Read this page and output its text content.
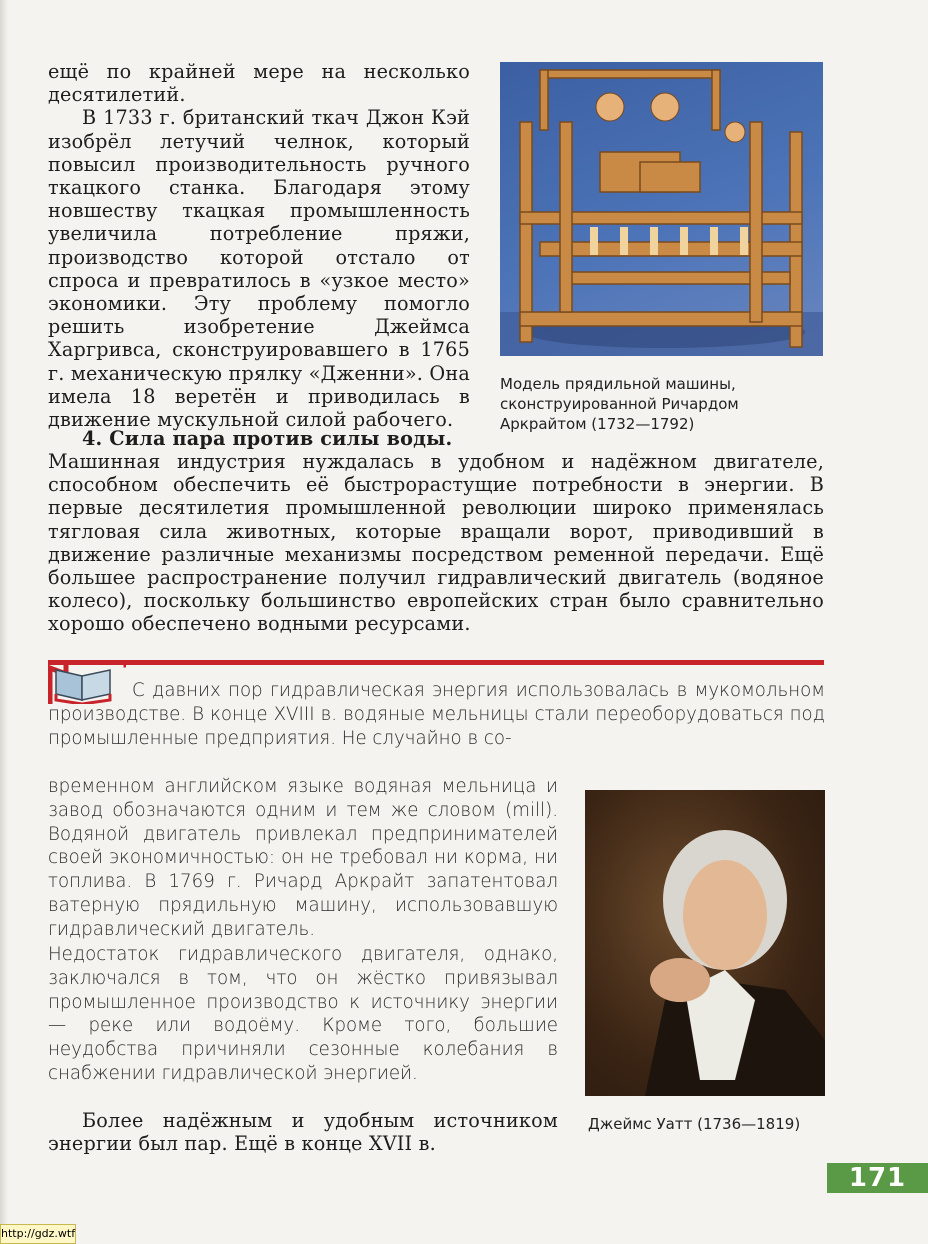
ещё по крайней мере на несколько десятилетий.

В 1733 г. британский ткач Джон Кэй изобрёл летучий челнок, который повысил производительность ручного ткацкого станка. Благодаря этому новшеству ткацкая промышленность увеличила потребление пряжи, производство которой отстало от спроса и превратилось в «узкое место» экономики. Эту проблему помогло решить изобретение Джеймса Харгривса, сконструировавшего в 1765 г. механическую прялку «Дженни». Она имела 18 веретён и приводилась в движение мускульной силой рабочего.

4. Сила пара против силы воды.

Машинная индустрия нуждалась в удобном и надёжном двигателе, способном обеспечить её быстрорастущие потребности в энергии. В первые десятилетия промышленной революции широко применялась тягловая сила животных, которые вращали ворот, приводивший в движение различные механизмы посредством ременной передачи. Ещё большее распространение получил гидравлический двигатель (водяное колесо), поскольку большинство европейских стран было сравнительно хорошо обеспечено водными ресурсами.

Модель прядильной машины, сконструированной Ричардом Аркрайтом (1732—1792)

С давних пор гидравлическая энергия использовалась в мукомольном производстве. В конце XVIII в. водяные мельницы стали переоборудоваться под промышленные предприятия. Не случайно в со-

временном английском языке водяная мельница и завод обозначаются одним и тем же словом (mill). Водяной двигатель привлекал предпринимателей своей экономичностью: он не требовал ни корма, ни топлива. В 1769 г. Ричард Аркрайт запатентовал ватерную прядильную машину, использовавшую гидравлический двигатель.

Недостаток гидравлического двигателя, однако, заключался в том, что он жёстко привязывал промышленное производство к источнику энергии — реке или водоёму. Кроме того, большие неудобства причиняли сезонные колебания в снабжении гидравлической энергией.

Джеймс Уатт (1736—1819)

Более надёжным и удобным источником энергии был пар. Ещё в конце XVII в.

171
http://gdz.wtf
